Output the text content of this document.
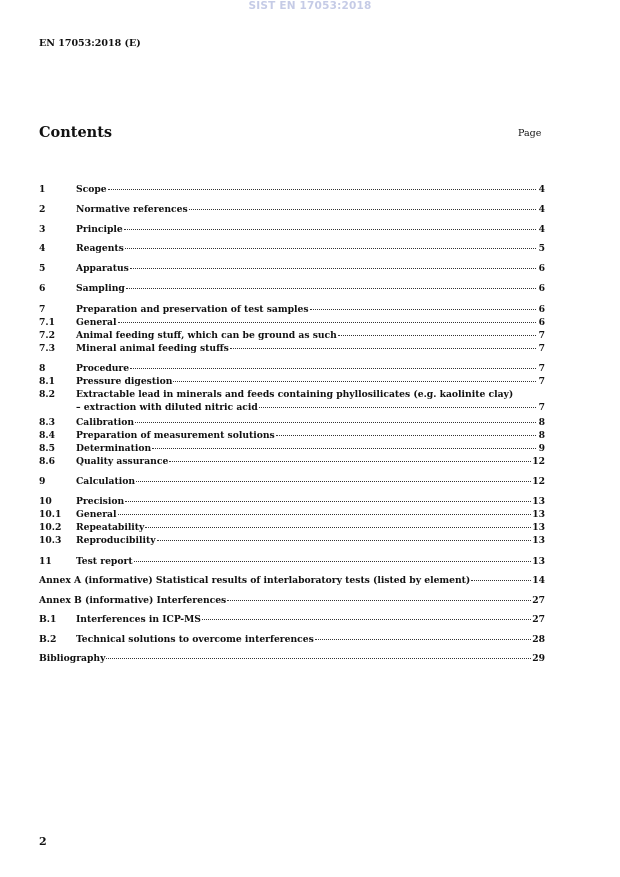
SIST EN 17053:2018
EN 17053:2018 (E)
Contents	Page
1	Scope	4
2	Normative references	4
3	Principle	4
4	Reagents	5
5	Apparatus	6
6	Sampling	6
7	Preparation and preservation of test samples	6
7.1	General	6
7.2	Animal feeding stuff, which can be ground as such	7
7.3	Mineral animal feeding stuffs	7
8	Procedure	7
8.1	Pressure digestion	7
8.2	Extractable lead in minerals and feeds containing phyllosilicates (e.g. kaolinite clay)
– extraction with diluted nitric acid	7
8.3	Calibration	8
8.4	Preparation of measurement solutions	8
8.5	Determination	9
8.6	Quality assurance	12
9	Calculation	12
10	Precision	13
10.1	General	13
10.2	Repeatability	13
10.3	Reproducibility	13
11	Test report	13
Annex A (informative) Statistical results of interlaboratory tests (listed by element)	14
Annex B (informative) Interferences	27
B.1	Interferences in ICP-MS	27
B.2	Technical solutions to overcome interferences	28
Bibliography	29
2
